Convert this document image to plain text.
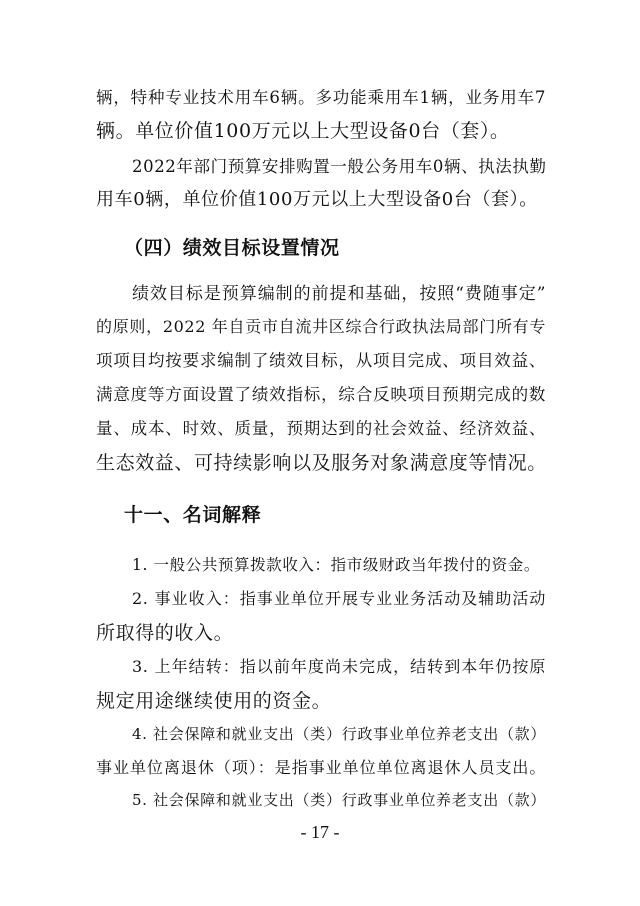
辆，特种专业技术用车6辆。多功能乘用车1辆，业务用车7
辆。单位价值100万元以上大型设备0台（套）。
2022年部门预算安排购置一般公务用车0辆、执法执勤
用车0辆，单位价值100万元以上大型设备0台（套）。
（四）绩效目标设置情况
绩效目标是预算编制的前提和基础，按照“费随事定”
的原则，2022 年自贡市自流井区综合行政执法局部门所有专
项项目均按要求编制了绩效目标，从项目完成、项目效益、
满意度等方面设置了绩效指标，综合反映项目预期完成的数
量、成本、时效、质量，预期达到的社会效益、经济效益、
生态效益、可持续影响以及服务对象满意度等情况。
十一、名词解释
1. 一般公共预算拨款收入：指市级财政当年拨付的资金。
2. 事业收入：指事业单位开展专业业务活动及辅助活动
所取得的收入。
3. 上年结转：指以前年度尚未完成，结转到本年仍按原
规定用途继续使用的资金。
4. 社会保障和就业支出（类）行政事业单位养老支出（款）
事业单位离退休（项）：是指事业单位单位离退休人员支出。
5. 社会保障和就业支出（类）行政事业单位养老支出（款）
- 17 -
